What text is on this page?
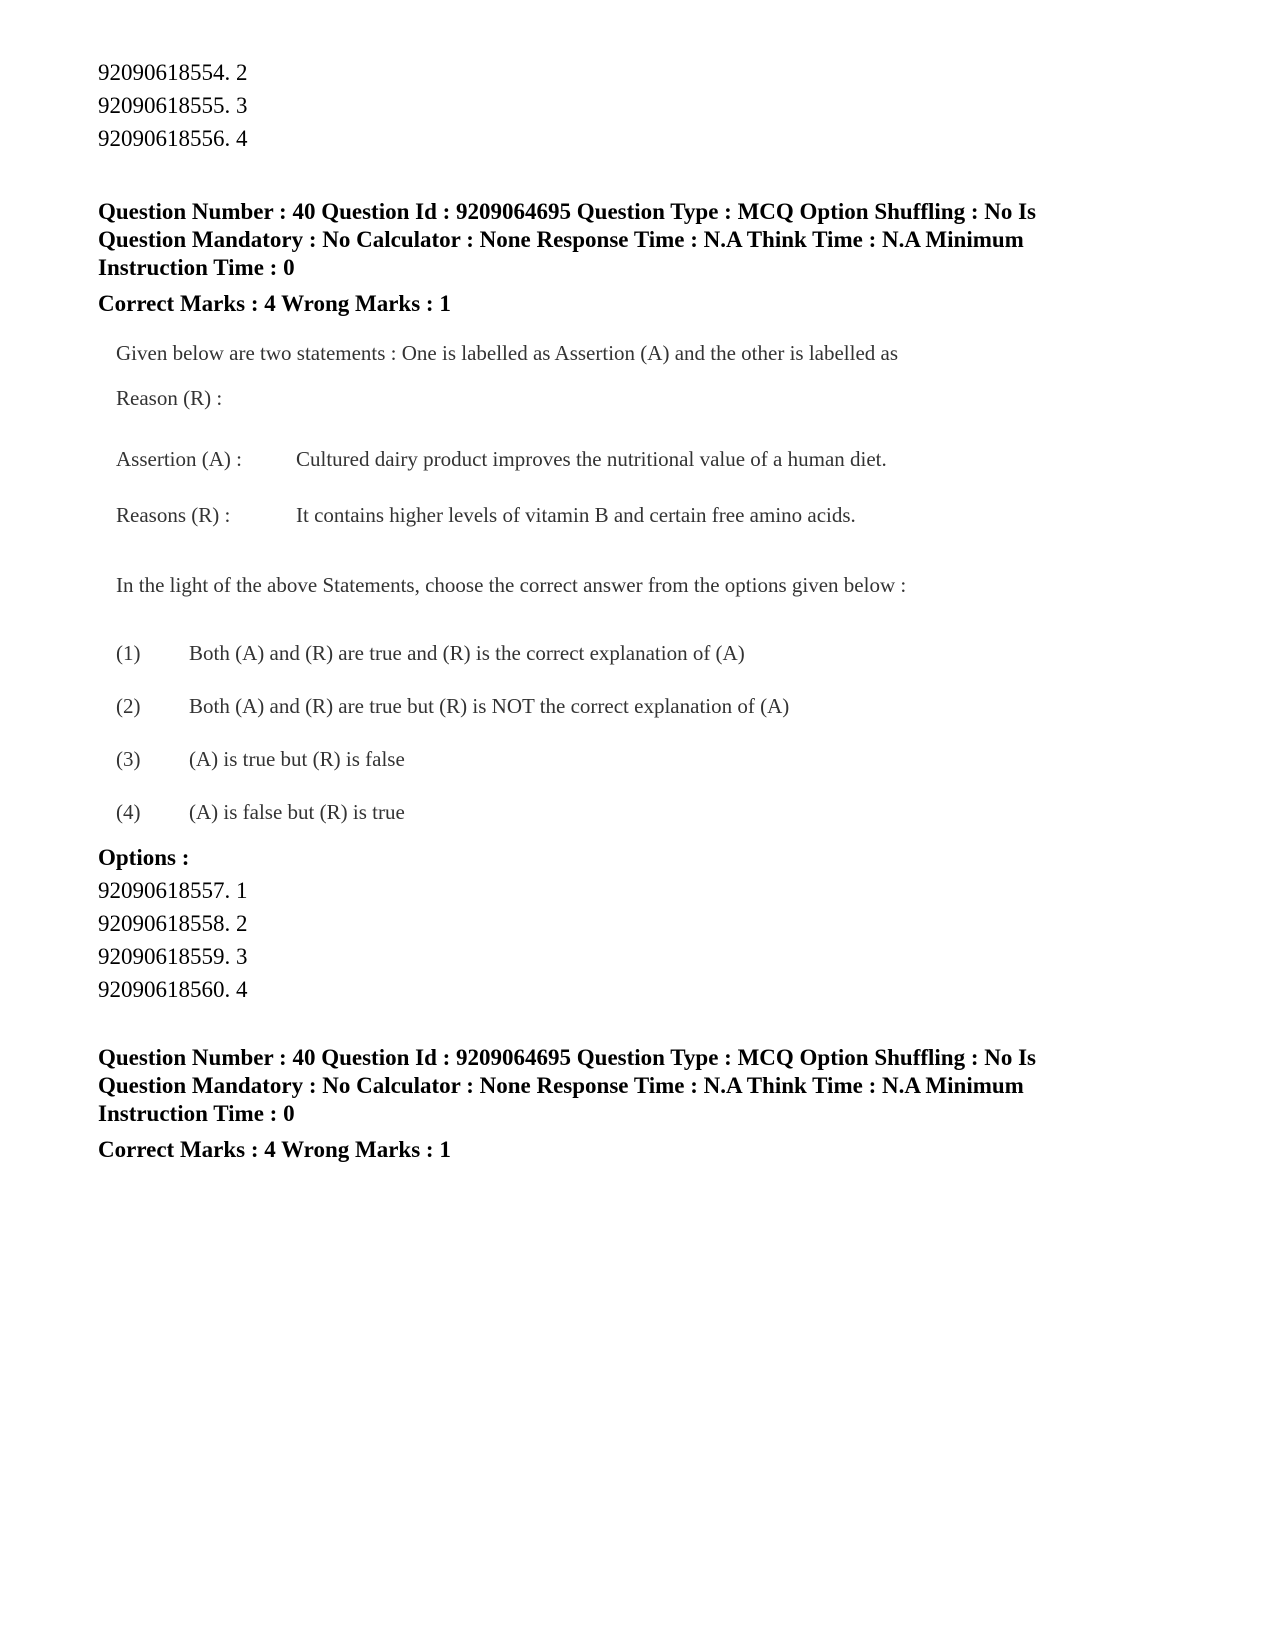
92090618554. 2
92090618555. 3
92090618556. 4
Question Number : 40 Question Id : 9209064695 Question Type : MCQ Option Shuffling : No Is
Question Mandatory : No Calculator : None Response Time : N.A Think Time : N.A Minimum
Instruction Time : 0
Correct Marks : 4 Wrong Marks : 1
Given below are two statements : One is labelled as Assertion (A) and the other is labelled as
Reason (R) :
Assertion (A) :	Cultured dairy product improves the nutritional value of a human diet.
Reasons (R) :	It contains higher levels of vitamin B and certain free amino acids.
In the light of the above Statements, choose the correct answer from the options given below :
(1)	Both (A) and (R) are true and (R) is the correct explanation of (A)
(2)	Both (A) and (R) are true but (R) is NOT the correct explanation of (A)
(3)	(A) is true but (R) is false
(4)	(A) is false but (R) is true
Options :
92090618557. 1
92090618558. 2
92090618559. 3
92090618560. 4
Question Number : 40 Question Id : 9209064695 Question Type : MCQ Option Shuffling : No Is
Question Mandatory : No Calculator : None Response Time : N.A Think Time : N.A Minimum
Instruction Time : 0
Correct Marks : 4 Wrong Marks : 1
